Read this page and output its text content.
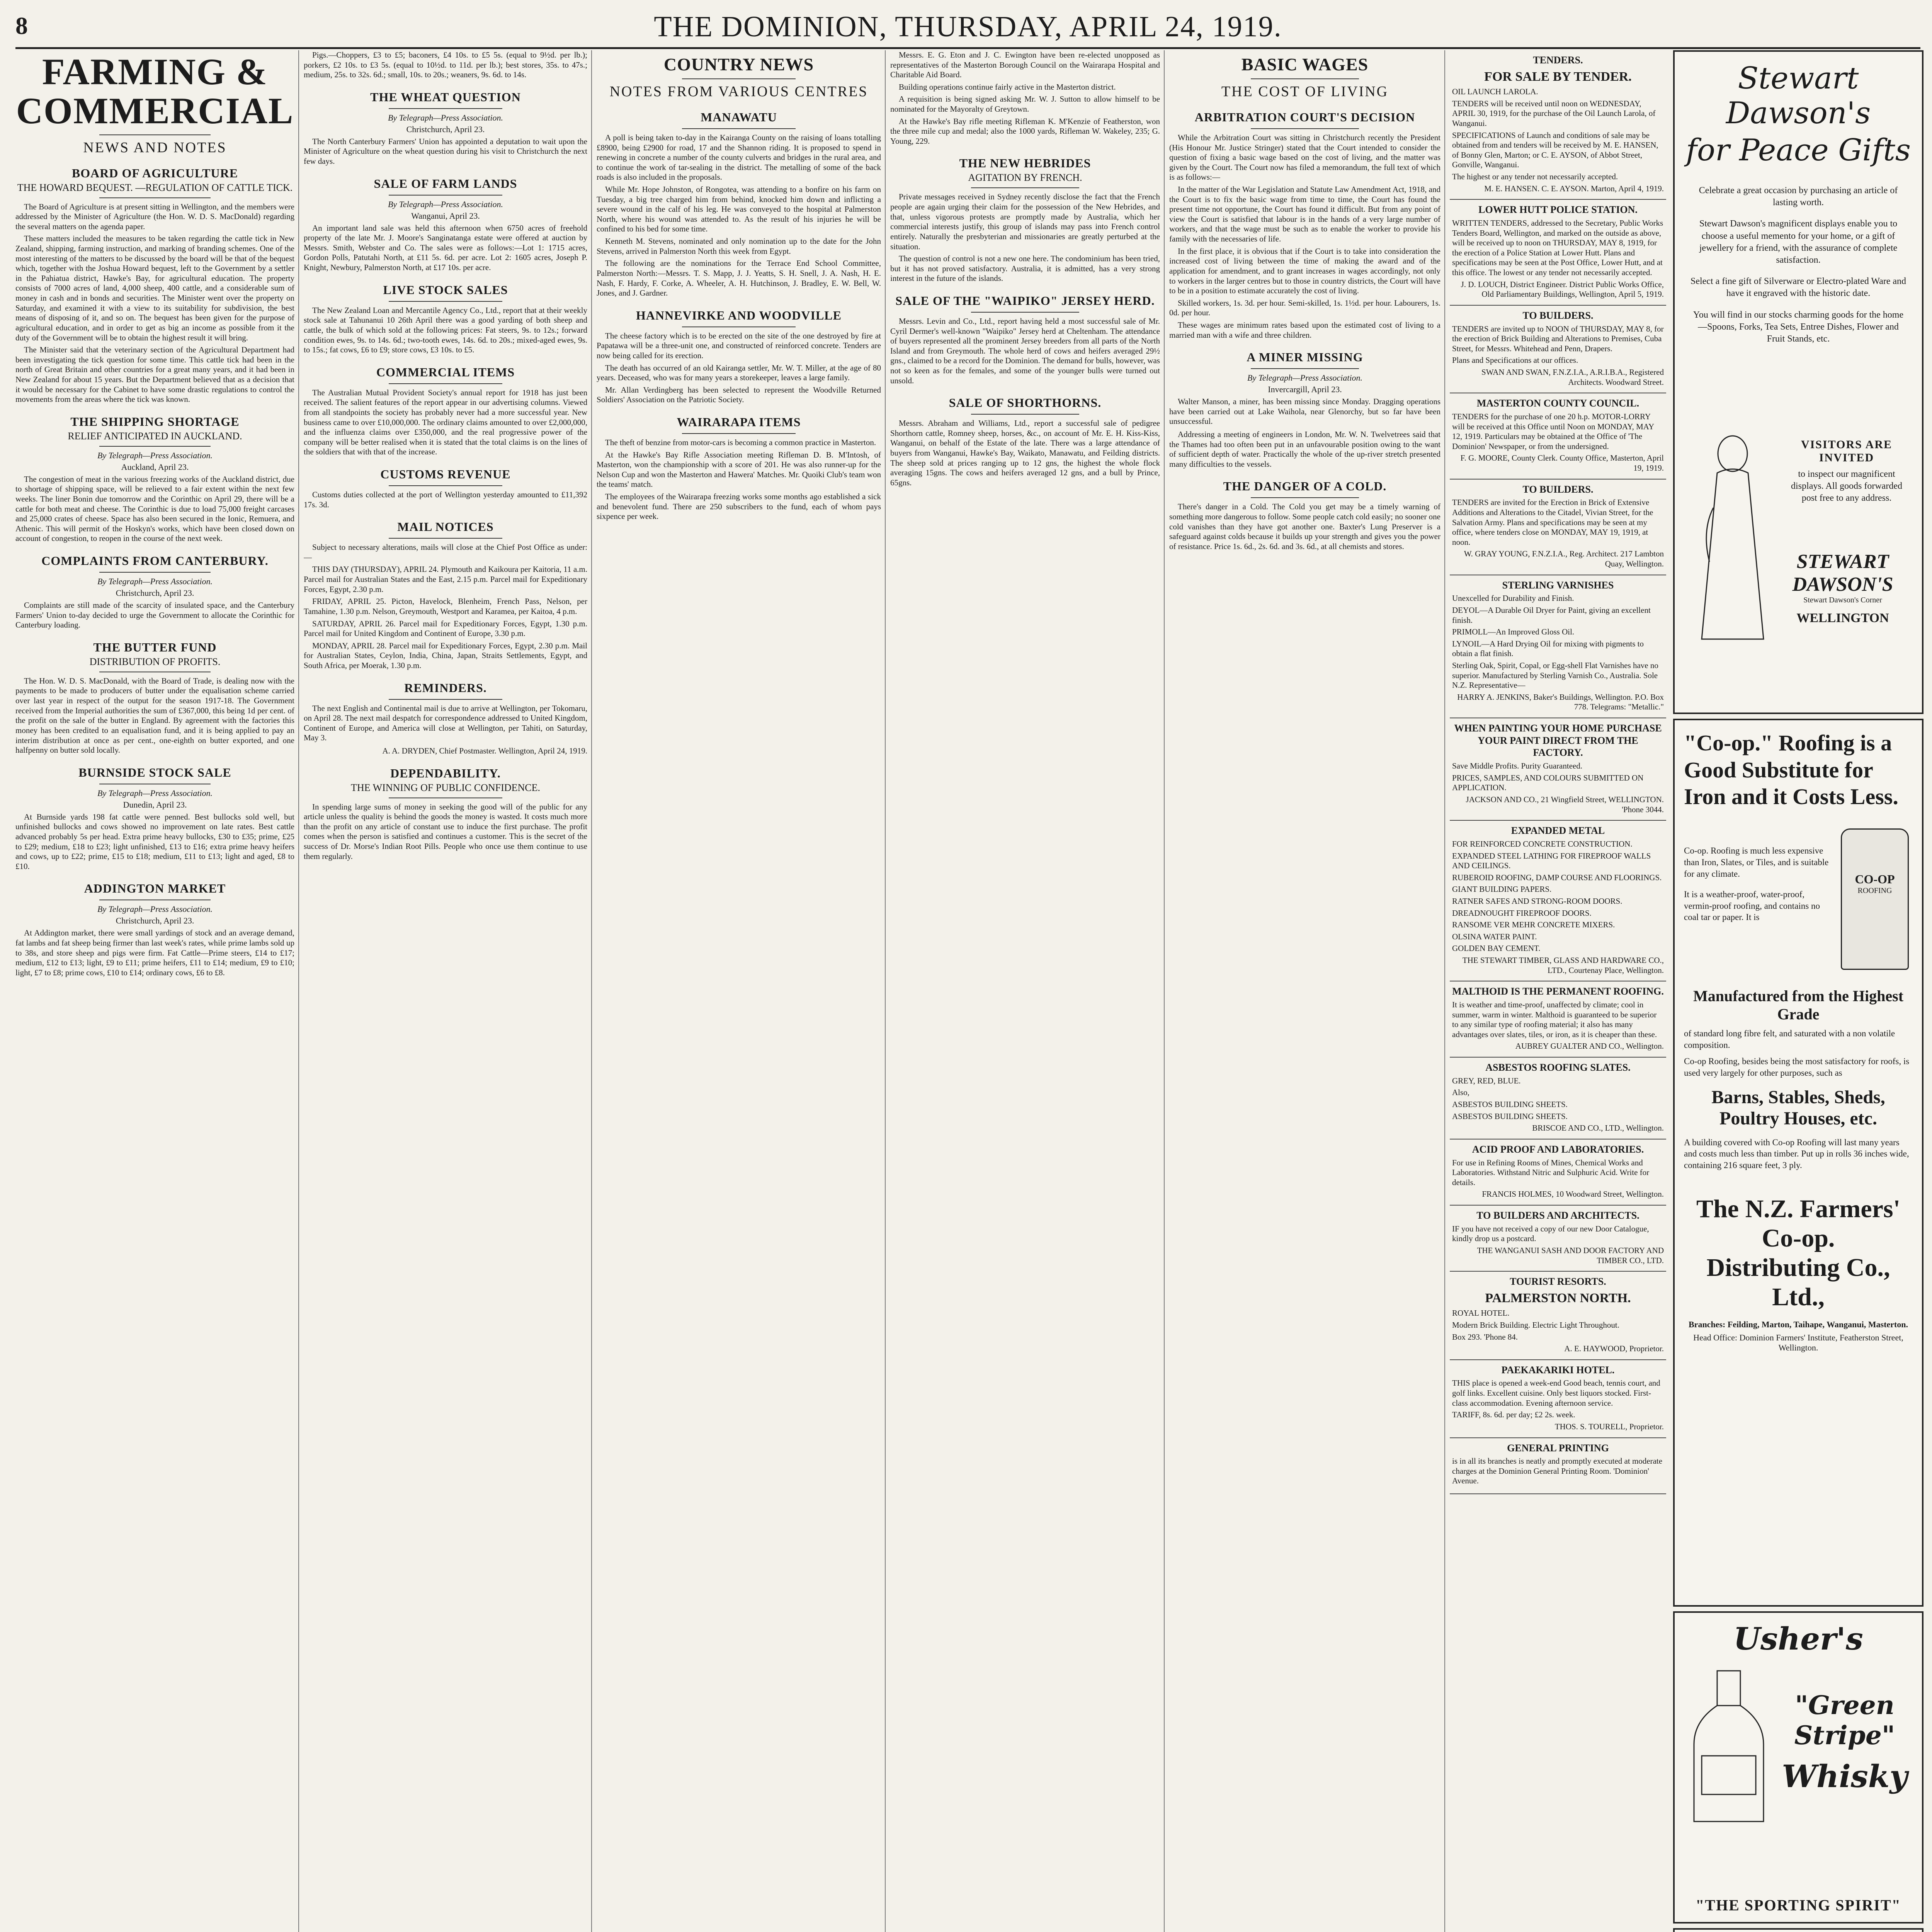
8	THE DOMINION, THURSDAY, APRIL 24, 1919.
FARMING & COMMERCIAL
NEWS AND NOTES
BOARD OF AGRICULTURE
THE HOWARD BEQUEST. —REGULATION OF CATTLE TICK.

The Board of Agriculture is at present sitting in Wellington, and the members were addressed by the Minister of Agriculture (the Hon. W. D. S. MacDonald) regarding the several matters on the agenda paper.

These matters included the measures to be taken regarding the cattle tick in New Zealand, shipping, farming instruction, and marking of branding schemes. One of the most interesting of the matters to be discussed by the board will be that of the bequest which, together with the Joshua Howard bequest, left to the Government by a settler in the Pahiatua district, Hawke's Bay, for agricultural education. The property consists of 7000 acres of land, 4,000 sheep, 400 cattle, and a considerable sum of money in cash and in bonds and securities. The Minister went over the property on Saturday, and examined it with a view to its suitability for subdivision, the best means of disposing of it, and so on. The bequest has been given for the purpose of agricultural education, and in order to get as big an income as possible from it the duty of the Government will be to obtain the highest result it will bring.

The Minister said that the veterinary section of the Agricultural Department had been investigating the tick question for some time. This cattle tick had been in the north of Great Britain and other countries for a great many years, and it had been in New Zealand for about 15 years. But the Department believed that as a decision that it would be necessary for the Cabinet to have some drastic regulations to control the movements from the areas where the tick was known.

THE SHIPPING SHORTAGE
RELIEF ANTICIPATED IN AUCKLAND.
By Telegraph—Press Association.
Auckland, April 23.

The congestion of meat in the various freezing works of the Auckland district, due to shortage of shipping space, will be relieved to a fair extent within the next few weeks. The liner Bonin due tomorrow and the Corinthic on April 29, there will be a cattle for both meat and cheese. The Corinthic is due to load 75,000 freight carcases and 25,000 crates of cheese. Space has also been secured in the Ionic, Remuera, and Athenic. This will permit of the Hoskyn's works, which have been closed down on account of congestion, to reopen in the course of the next week.

COMPLAINTS FROM CANTERBURY.
By Telegraph—Press Association.
Christchurch, April 23.

Complaints are still made of the scarcity of insulated space, and the Canterbury Farmers' Union to-day decided to urge the Government to allocate the Corinthic for Canterbury loading.

THE BUTTER FUND
DISTRIBUTION OF PROFITS.

The Hon. W. D. S. MacDonald, with the Board of Trade, is dealing now with the payments to be made to producers of butter under the equalisation scheme carried over last year in respect of the output for the season 1917-18. The Government received from the Imperial authorities the sum of £367,000, this being 1d per cent. of the profit on the sale of the butter in England. By agreement with the factories this money has been credited to an equalisation fund, and it is being applied to pay an interim distribution at once as per cent., one-eighth on butter exported, and one halfpenny on butter sold locally.

BURNSIDE STOCK SALE
By Telegraph—Press Association.
Dunedin, April 23.

At Burnside yards 198 fat cattle were penned. Best bullocks sold well, but unfinished bullocks and cows showed no improvement on late rates. Best cattle advanced probably 5s per head. Extra prime heavy bullocks, £30 to £35; prime, £25 to £29; medium, £18 to £23; light unfinished, £13 to £16; extra prime heavy heifers and cows, up to £22; prime, £15 to £18; medium, £11 to £13; light and aged, £8 to £10.

ADDINGTON MARKET
By Telegraph—Press Association.
Christchurch, April 23.

At Addington market, there were small yardings of stock and an average demand, fat lambs and fat sheep being firmer than last week's rates, while prime lambs sold up to 38s, and store sheep and pigs were firm. Fat Cattle—Prime steers, £14 to £17; medium, £12 to £13; light, £9 to £11; prime heifers, £11 to £14; medium, £9 to £10; light, £7 to £8; prime cows, £10 to £14; ordinary cows, £6 to £8.

Pigs.—Choppers, £3 to £5; baconers, £4 10s. to £5 5s. (equal to 9½d. per lb.); porkers, £2 10s. to £3 5s. (equal to 10½d. to 11d. per lb.); best stores, 35s. to 47s.; medium, 25s. to 32s. 6d.; small, 10s. to 20s.; weaners, 9s. 6d. to 14s.

THE WHEAT QUESTION
By Telegraph—Press Association.
Christchurch, April 23.

The North Canterbury Farmers' Union has appointed a deputation to wait upon the Minister of Agriculture on the wheat question during his visit to Christchurch the next few days.

SALE OF FARM LANDS
By Telegraph—Press Association.
Wanganui, April 23.

An important land sale was held this afternoon when 6750 acres of freehold property of the late Mr. J. Moore's Sanginatanga estate were offered at auction by Messrs. Smith, Webster and Co. The sales were as follows:—Lot 1: 1715 acres, Gordon Polls, Patutahi North, at £11 5s. 6d. per acre. Lot 2: 1605 acres, Joseph P. Knight, Newbury, Palmerston North, at £17 10s. per acre.

LIVE STOCK SALES

The New Zealand Loan and Mercantile Agency Co., Ltd., report that at their weekly stock sale at Tahunanui 10 26th April there was a good yarding of both sheep and cattle, the bulk of which sold at the following prices: Fat steers, 9s. to 12s.; forward condition ewes, 9s. to 14s. 6d.; two-tooth ewes, 14s. 6d. to 20s.; mixed-aged ewes, 9s. to 15s.; fat cows, £6 to £9; store cows, £3 10s. to £5.

COMMERCIAL ITEMS

The Australian Mutual Provident Society's annual report for 1918 has just been received. The salient features of the report appear in our advertising columns. Viewed from all standpoints the society has probably never had a more successful year. New business came to over £10,000,000. The ordinary claims amounted to over £2,000,000, and the influenza claims over £350,000, and the real progressive power of the company will be better realised when it is stated that the total claims is on the lines of the soldiers that with that of the increase.

CUSTOMS REVENUE

Customs duties collected at the port of Wellington yesterday amounted to £11,392 17s. 3d.

MAIL NOTICES

Subject to necessary alterations, mails will close at the Chief Post Office as under:—

THIS DAY (THURSDAY), APRIL 24. Plymouth and Kaikoura per Kaitoria, 11 a.m. Parcel mail for Australian States and the East, 2.15 p.m. Parcel mail for Expeditionary Forces, Egypt, 2.30 p.m.

FRIDAY, APRIL 25. Picton, Havelock, Blenheim, French Pass, Nelson, per Tamahine, 1.30 p.m. Nelson, Greymouth, Westport and Karamea, per Kaitoa, 4 p.m.

SATURDAY, APRIL 26. Parcel mail for Expeditionary Forces, Egypt, 1.30 p.m. Parcel mail for United Kingdom and Continent of Europe, 3.30 p.m.

MONDAY, APRIL 28. Parcel mail for Expeditionary Forces, Egypt, 2.30 p.m. Mail for Australian States, Ceylon, India, China, Japan, Straits Settlements, Egypt, and South Africa, per Moerak, 1.30 p.m.

REMINDERS.

The next English and Continental mail is due to arrive at Wellington, per Tokomaru, on April 28. The next mail despatch for correspondence addressed to United Kingdom, Continent of Europe, and America will close at Wellington, per Tahiti, on Saturday, May 3.

A. A. DRYDEN, Chief Postmaster. Wellington, April 24, 1919.
DEPENDABILITY.
THE WINNING OF PUBLIC CONFIDENCE.

In spending large sums of money in seeking the good will of the public for any article unless the quality is behind the goods the money is wasted. It costs much more than the profit on any article of constant use to induce the first purchase. The profit comes when the person is satisfied and continues a customer. This is the secret of the success of Dr. Morse's Indian Root Pills. People who once use them continue to use them regularly.

COUNTRY NEWS
NOTES FROM VARIOUS CENTRES
MANAWATU

A poll is being taken to-day in the Kairanga County on the raising of loans totalling £8900, being £2900 for road, 17 and the Shannon riding. It is proposed to spend in renewing in concrete a number of the county culverts and bridges in the rural area, and to continue the work of tar-sealing in the district. The metalling of some of the back roads is also included in the proposals.

While Mr. Hope Johnston, of Rongotea, was attending to a bonfire on his farm on Tuesday, a big tree charged him from behind, knocked him down and inflicting a severe wound in the calf of his leg. He was conveyed to the hospital at Palmerston North, where his wound was attended to. As the result of his injuries he will be confined to his bed for some time.

Kenneth M. Stevens, nominated and only nomination up to the date for the John Stevens, arrived in Palmerston North this week from Egypt.

The following are the nominations for the Terrace End School Committee, Palmerston North:—Messrs. T. S. Mapp, J. J. Yeatts, S. H. Snell, J. A. Nash, H. E. Nash, F. Hardy, F. Corke, A. Wheeler, A. H. Hutchinson, J. Bradley, E. W. Bell, W. Jones, and J. Gardner.

HANNEVIRKE AND WOODVILLE

The cheese factory which is to be erected on the site of the one destroyed by fire at Papatawa will be a three-unit one, and constructed of reinforced concrete. Tenders are now being called for its erection.

The death has occurred of an old Kairanga settler, Mr. W. T. Miller, at the age of 80 years. Deceased, who was for many years a storekeeper, leaves a large family.

Mr. Allan Verdingberg has been selected to represent the Woodville Returned Soldiers' Association on the Patriotic Society.

WAIRARAPA ITEMS

The theft of benzine from motor-cars is becoming a common practice in Masterton.

At the Hawke's Bay Rifle Association meeting Rifleman D. B. M'Intosh, of Masterton, won the championship with a score of 201. He was also runner-up for the Nelson Cup and won the Masterton and Hawera' Matches. Mr. Quoiki Club's team won the teams' match.

The employees of the Wairarapa freezing works some months ago established a sick and benevolent fund. There are 250 subscribers to the fund, each of whom pays sixpence per week.

Messrs. E. G. Eton and J. C. Ewington have been re-elected unopposed as representatives of the Masterton Borough Council on the Wairarapa Hospital and Charitable Aid Board.

Building operations continue fairly active in the Masterton district.

A requisition is being signed asking Mr. W. J. Sutton to allow himself to be nominated for the Mayoralty of Greytown.

At the Hawke's Bay rifle meeting Rifleman K. M'Kenzie of Featherston, won the three mile cup and medal; also the 1000 yards, Rifleman W. Wakeley, 235; G. Young, 229.

THE NEW HEBRIDES
AGITATION BY FRENCH.

Private messages received in Sydney recently disclose the fact that the French people are again urging their claim for the possession of the New Hebrides, and that, unless vigorous protests are promptly made by Australia, which her commercial interests justify, this group of islands may pass into French control entirely. Naturally the presbyterian and missionaries are greatly perturbed at the situation.

The question of control is not a new one here. The condominium has been tried, but it has not proved satisfactory. Australia, it is admitted, has a very strong interest in the future of the islands.

SALE OF THE "WAIPIKO" JERSEY HERD.

Messrs. Levin and Co., Ltd., report having held a most successful sale of Mr. Cyril Dermer's well-known "Waipiko" Jersey herd at Cheltenham. The attendance of buyers represented all the prominent Jersey breeders from all parts of the North Island and from Greymouth. The whole herd of cows and heifers averaged 29½ gns., claimed to be a record for the Dominion. The demand for bulls, however, was not so keen as for the females, and some of the younger bulls were turned out unsold.

SALE OF SHORTHORNS.

Messrs. Abraham and Williams, Ltd., report a successful sale of pedigree Shorthorn cattle, Romney sheep, horses, &c., on account of Mr. E. H. Kiss-Kiss, Wanganui, on behalf of the Estate of the late. There was a large attendance of buyers from Wanganui, Hawke's Bay, Waikato, Manawatu, and Feilding districts. The sheep sold at prices ranging up to 12 gns, the highest the whole flock averaging 15gns. The cows and heifers averaged 12 gns, and a bull by Prince, 65gns.

BASIC WAGES
THE COST OF LIVING
ARBITRATION COURT'S DECISION

While the Arbitration Court was sitting in Christchurch recently the President (His Honour Mr. Justice Stringer) stated that the Court intended to consider the question of fixing a basic wage based on the cost of living, and the matter was given by the Court. The Court now has filed a memorandum, the full text of which is as follows:—

In the matter of the War Legislation and Statute Law Amendment Act, 1918, and the Court is to fix the basic wage from time to time, the Court has found the present time not opportune, the Court has found it difficult. But from any point of view the Court is satisfied that labour is in the hands of a very large number of workers, and that the wage must be such as to enable the worker to provide his family with the necessaries of life.

In the first place, it is obvious that if the Court is to take into consideration the increased cost of living between the time of making the award and of the application for amendment, and to grant increases in wages accordingly, not only to workers in the larger centres but to those in country districts, the Court will have to be in a position to estimate accurately the cost of living.

Skilled workers, 1s. 3d. per hour. Semi-skilled, 1s. 1½d. per hour. Labourers, 1s. 0d. per hour.

These wages are minimum rates based upon the estimated cost of living to a married man with a wife and three children.

A MINER MISSING
By Telegraph—Press Association.
Invercargill, April 23.

Walter Manson, a miner, has been missing since Monday. Dragging operations have been carried out at Lake Waihola, near Glenorchy, but so far have been unsuccessful.

Addressing a meeting of engineers in London, Mr. W. N. Twelvetrees said that the Thames had too often been put in an unfavourable position owing to the want of sufficient depth of water. Practically the whole of the up-river stretch presented many difficulties to the vessels.

THE DANGER OF A COLD.

There's danger in a Cold. The Cold you get may be a timely warning of something more dangerous to follow. Some people catch cold easily; no sooner one cold vanishes than they have got another one. Baxter's Lung Preserver is a safeguard against colds because it builds up your strength and gives you the power of resistance. Price 1s. 6d., 2s. 6d. and 3s. 6d., at all chemists and stores.

TENDERS.
FOR SALE BY TENDER.

OIL LAUNCH LAROLA.

TENDERS will be received until noon on WEDNESDAY, APRIL 30, 1919, for the purchase of the Oil Launch Larola, of Wanganui.

SPECIFICATIONS of Launch and conditions of sale may be obtained from and tenders will be received by M. E. HANSEN, of Bonny Glen, Marton; or C. E. AYSON, of Abbot Street, Gonville, Wanganui.

The highest or any tender not necessarily accepted.

M. E. HANSEN. C. E. AYSON. Marton, April 4, 1919.
LOWER HUTT POLICE STATION.

WRITTEN TENDERS, addressed to the Secretary, Public Works Tenders Board, Wellington, and marked on the outside as above, will be received up to noon on THURSDAY, MAY 8, 1919, for the erection of a Police Station at Lower Hutt. Plans and specifications may be seen at the Post Office, Lower Hutt, and at this office. The lowest or any tender not necessarily accepted.

J. D. LOUCH, District Engineer. District Public Works Office, Old Parliamentary Buildings, Wellington, April 5, 1919.
TO BUILDERS.

TENDERS are invited up to NOON of THURSDAY, MAY 8, for the erection of Brick Building and Alterations to Premises, Cuba Street, for Messrs. Whitehead and Penn, Drapers.

Plans and Specifications at our offices.

SWAN AND SWAN, F.N.Z.I.A., A.R.I.B.A., Registered Architects. Woodward Street.
MASTERTON COUNTY COUNCIL.

TENDERS for the purchase of one 20 h.p. MOTOR-LORRY will be received at this Office until Noon on MONDAY, MAY 12, 1919. Particulars may be obtained at the Office of 'The Dominion' Newspaper, or from the undersigned.

F. G. MOORE, County Clerk. County Office, Masterton, April 19, 1919.
TO BUILDERS.

TENDERS are invited for the Erection in Brick of Extensive Additions and Alterations to the Citadel, Vivian Street, for the Salvation Army. Plans and specifications may be seen at my office, where tenders close on MONDAY, MAY 19, 1919, at noon.

W. GRAY YOUNG, F.N.Z.I.A., Reg. Architect. 217 Lambton Quay, Wellington.
STERLING VARNISHES

Unexcelled for Durability and Finish.

DEYOL—A Durable Oil Dryer for Paint, giving an excellent finish.

PRIMOLL—An Improved Gloss Oil.

LYNOIL—A Hard Drying Oil for mixing with pigments to obtain a flat finish.

Sterling Oak, Spirit, Copal, or Egg-shell Flat Varnishes have no superior. Manufactured by Sterling Varnish Co., Australia. Sole N.Z. Representative—

HARRY A. JENKINS, Baker's Buildings, Wellington. P.O. Box 778. Telegrams: "Metallic."
WHEN PAINTING YOUR HOME PURCHASE YOUR PAINT DIRECT FROM THE FACTORY.

Save Middle Profits. Purity Guaranteed.

PRICES, SAMPLES, AND COLOURS SUBMITTED ON APPLICATION.

JACKSON AND CO., 21 Wingfield Street, WELLINGTON. 'Phone 3044.
EXPANDED METAL

FOR REINFORCED CONCRETE CONSTRUCTION.

EXPANDED STEEL LATHING FOR FIREPROOF WALLS AND CEILINGS.

RUBEROID ROOFING, DAMP COURSE AND FLOORINGS.

GIANT BUILDING PAPERS.

RATNER SAFES AND STRONG-ROOM DOORS.

DREADNOUGHT FIREPROOF DOORS.

RANSOME VER MEHR CONCRETE MIXERS.

OLSINA WATER PAINT.

GOLDEN BAY CEMENT.

THE STEWART TIMBER, GLASS AND HARDWARE CO., LTD., Courtenay Place, Wellington.
MALTHOID IS THE PERMANENT ROOFING.

It is weather and time-proof, unaffected by climate; cool in summer, warm in winter. Malthoid is guaranteed to be superior to any similar type of roofing material; it also has many advantages over slates, tiles, or iron, as it is cheaper than these.

AUBREY GUALTER AND CO., Wellington.
ASBESTOS ROOFING SLATES.

GREY, RED, BLUE.

Also,

ASBESTOS BUILDING SHEETS.

ASBESTOS BUILDING SHEETS.

BRISCOE AND CO., LTD., Wellington.
ACID PROOF AND LABORATORIES.

For use in Refining Rooms of Mines, Chemical Works and Laboratories. Withstand Nitric and Sulphuric Acid. Write for details.

FRANCIS HOLMES, 10 Woodward Street, Wellington.
TO BUILDERS AND ARCHITECTS.

IF you have not received a copy of our new Door Catalogue, kindly drop us a postcard.

THE WANGANUI SASH AND DOOR FACTORY AND TIMBER CO., LTD.
TOURIST RESORTS.
PALMERSTON NORTH.

ROYAL HOTEL.

Modern Brick Building. Electric Light Throughout.

Box 293. 'Phone 84.

A. E. HAYWOOD, Proprietor.
PAEKAKARIKI HOTEL.

THIS place is opened a week-end Good beach, tennis court, and golf links. Excellent cuisine. Only best liquors stocked. First-class accommodation. Evening afternoon service.

TARIFF, 8s. 6d. per day; £2 2s. week.

THOS. S. TOURELL, Proprietor.
GENERAL PRINTING

is in all its branches is neatly and promptly executed at moderate charges at the Dominion General Printing Room. 'Dominion' Avenue.

Stewart Dawson's
for Peace Gifts

Celebrate a great occasion by purchasing an article of lasting worth.

Stewart Dawson's magnificent displays enable you to choose a useful memento for your home, or a gift of jewellery for a friend, with the assurance of complete satisfaction.

Select a fine gift of Silverware or Electro-plated Ware and have it engraved with the historic date.

You will find in our stocks charming goods for the home—Spoons, Forks, Tea Sets, Entree Dishes, Flower and Fruit Stands, etc.

VISITORS ARE INVITED
to inspect our magnificent displays. All goods forwarded post free to any address.
STEWART
DAWSON'S
Stewart Dawson's Corner
WELLINGTON
"Co-op." Roofing is a
Good Substitute for
Iron and it Costs Less.
CO-OP
ROOFING

Co-op. Roofing is much less expensive than Iron, Slates, or Tiles, and is suitable for any climate.

It is a weather-proof, water-proof, vermin-proof roofing, and contains no coal tar or paper. It is

Manufactured from the Highest Grade
of standard long fibre felt, and saturated with a non volatile composition.
Co-op Roofing, besides being the most satisfactory for roofs, is used very largely for other purposes, such as
Barns, Stables, Sheds, Poultry Houses, etc.
A building covered with Co-op Roofing will last many years and costs much less than timber. Put up in rolls 36 inches wide, containing 216 square feet, 3 ply.
The N.Z. Farmers' Co-op.
Distributing Co., Ltd.,
Branches: Feilding, Marton, Taihape, Wanganui, Masterton.
Head Office: Dominion Farmers' Institute, Featherston Street, Wellington.
Usher's
"Green Stripe"
Whisky
"THE SPORTING SPIRIT"
